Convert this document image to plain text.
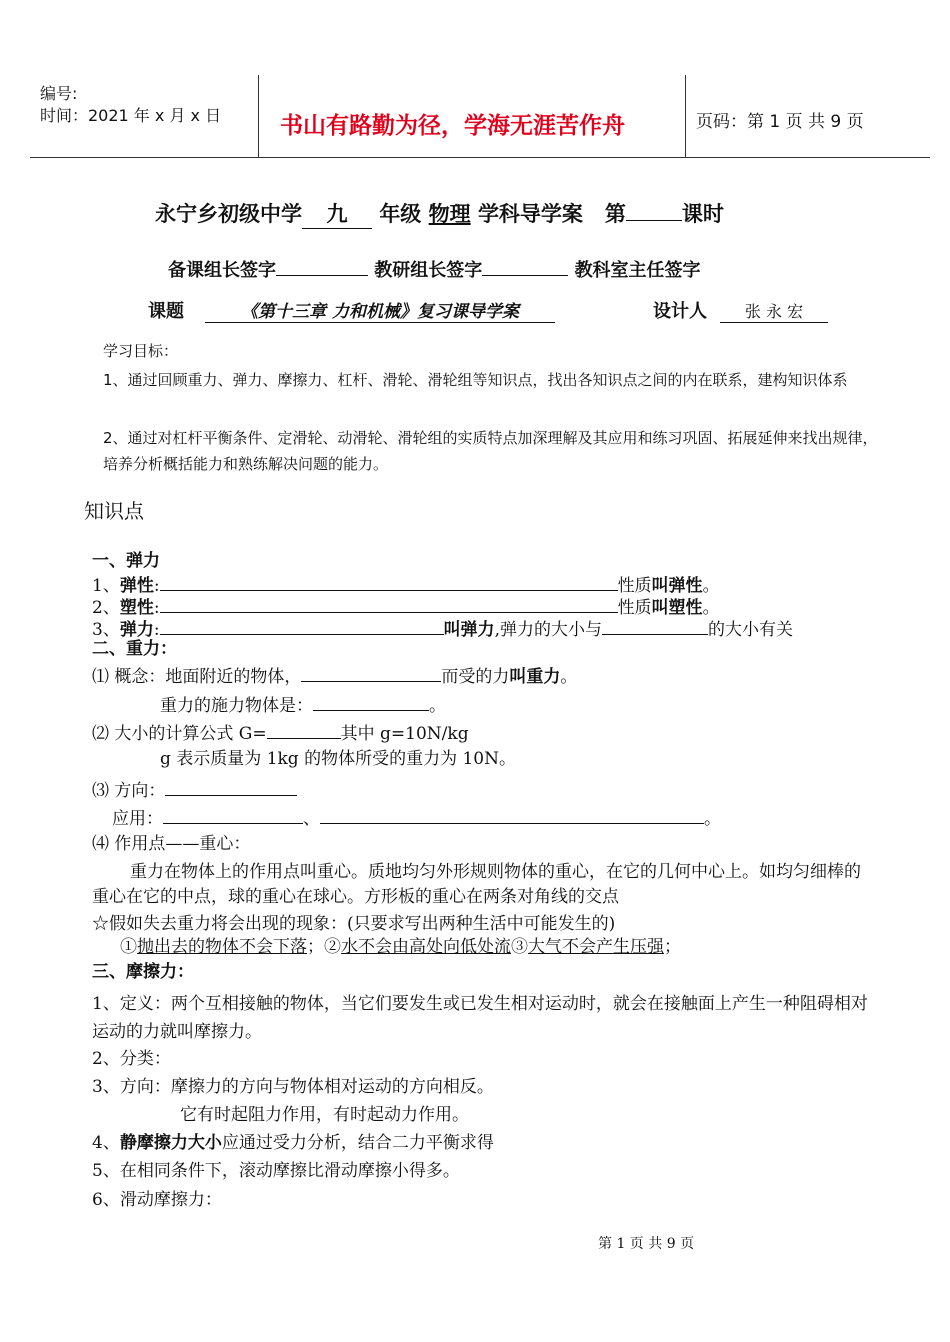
编号:
时间：2021 年 x 月 x 日	书山有路勤为径，学海无涯苦作舟	页码：第 1 页 共 9 页
永宁乡初级中学 九 年级 物理 学科导学案 第	课时
备课组长签字	教研组长签字	教科室主任签字
课题	《第十三章 力和机械》复习课导学案	设计人	张 永 宏
学习目标：
1、通过回顾重力、弹力、摩擦力、杠杆、滑轮、滑轮组等知识点，找出各知识点之间的内在联系，建构知识体系
2、通过对杠杆平衡条件、定滑轮、动滑轮、滑轮组的实质特点加深理解及其应用和练习巩固、拓展延伸来找出规律，培养分析概括能力和熟练解决问题的能力。
知识点
一、弹力
1、弹性:	性质叫弹性。
2、塑性:	性质叫塑性。
3、弹力:	叫弹力,弹力的大小与	的大小有关
二、重力：
⑴ 概念：地面附近的物体，	而受的力叫重力。
重力的施力物体是：	。
⑵ 大小的计算公式 G=	其中 g=10N/kg
g 表示质量为 1kg 的物体所受的重力为 10N。
⑶ 方向：
应用：	、	。
⑷ 作用点——重心：
重力在物体上的作用点叫重心。质地均匀外形规则物体的重心，在它的几何中心上。如均匀细棒的重心在它的中点，球的重心在球心。方形板的重心在两条对角线的交点
☆假如失去重力将会出现的现象：(只要求写出两种生活中可能发生的)
①抛出去的物体不会下落；②水不会由高处向低处流③大气不会产生压强；
三、摩擦力：
1、定义：两个互相接触的物体，当它们要发生或已发生相对运动时，就会在接触面上产生一种阻碍相对运动的力就叫摩擦力。
2、分类：
3、方向：摩擦力的方向与物体相对运动的方向相反。
它有时起阻力作用，有时起动力作用。
4、静摩擦力大小应通过受力分析，结合二力平衡求得
5、在相同条件下，滚动摩擦比滑动摩擦小得多。
6、滑动摩擦力：
第 1 页 共 9 页
